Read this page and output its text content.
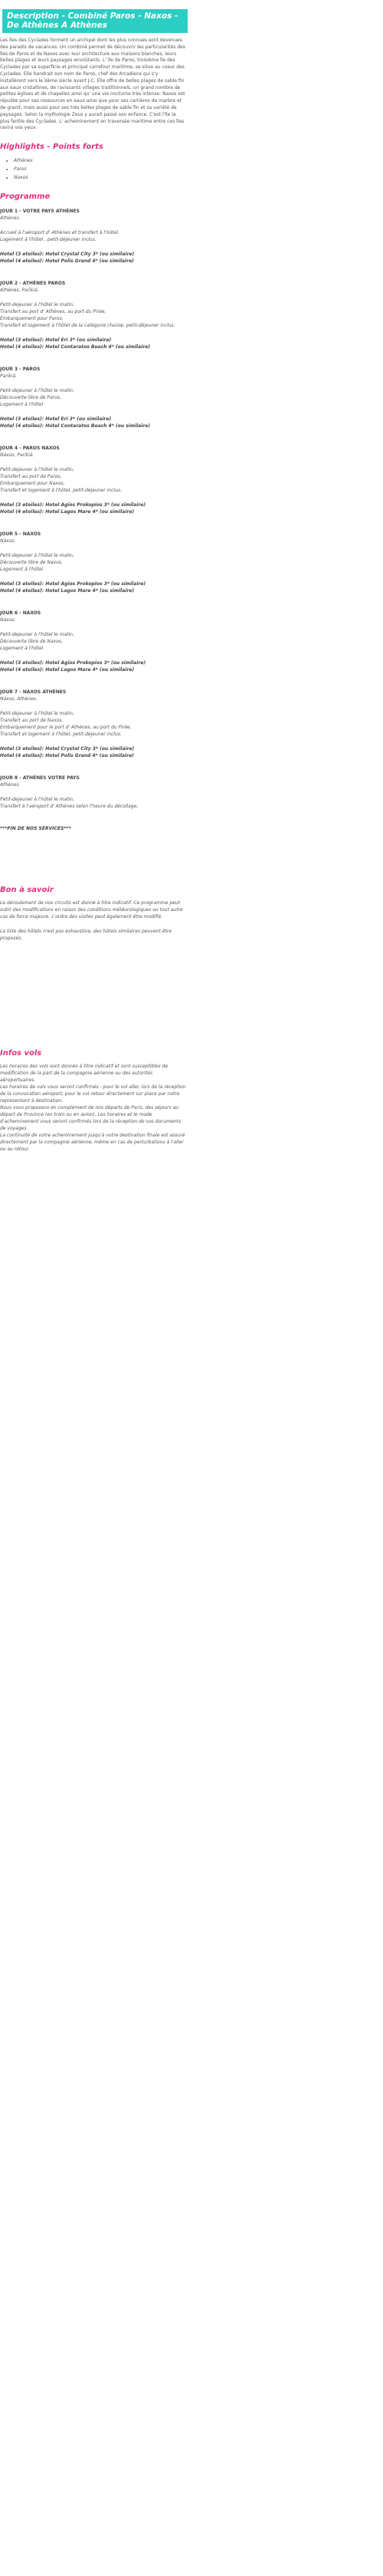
Description - Combiné Paros - Naxos - De Athènes A Athènes
Les îles des Cyclades forment un archipel dont les plus connues sont devenues des paradis de vacances. Un combiné permet de découvrir les particularités des îles de Paros et de Naxos avec leur architecture aux maisons blanches, leurs belles plages et leurs paysages envoûtants. L' île de Paros, troisième île des Cyclades par sa superficie et principal carrefour maritime, se situe au coeur des Cyclades. Elle tiendrait son nom de Paros, chef des Arcadiens qui s'y installèrent vers le Xème siècle avant J-C. Elle offre de belles plages de sable fin aux eaux cristallines, de ravissants villages traditionnels, un grand nombre de petites églises et de chapelles ainsi qu' une vie nocturne très intense. Naxos est réputée pour ses ressources en eaux ainsi que pour ses carrières de marbre et de granit, mais aussi pour ses très belles plages de sable fin et sa variété de paysages. Selon la mythologie Zeus y aurait passé son enfance. C'est l'île la plus fertile des Cyclades. L' acheminement en traversée maritime entre ces îles ravira vos yeux.
Highlights - Points forts
• Athènes
• Paros
• Naxos
Programme
JOUR 1 - VOTRE PAYS ATHÈNES
Athènes.
Accueil à l'aéroport d' Athènes et transfert à l'hôtel,
Logement à l'hôtel , petit-déjeuner inclus.
Hotel (3 etoiles): Hotel Crystal City 3* (ou similaire)
Hotel (4 etoiles): Hotel Polis Grand 4* (ou similaire)
JOUR 2 - ATHÈNES PAROS
Athènes, Parikiá.
Petit-dejeuner à l'hôtel le matin,
Transfert au port d' Athènes, au port du Pirée,
Embarquement pour Paros,
Transfert et logement à l'hôtel de la catégorie choisie, petit-déjeuner inclus.
Hotel (3 etoiles): Hotel Eri 3* (ou similaire)
Hotel (4 etoiles): Hotel Contaratos Beach 4* (ou similaire)
JOUR 3 - PAROS
Parikiá.
Petit-dejeuner à l'hôtel le matin,
Découverte libre de Paros,
Logement à l'hôtel
Hotel (3 etoiles): Hotel Eri 3* (ou similaire)
Hotel (4 etoiles): Hotel Contaratos Beach 4* (ou similaire)
JOUR 4 - PAROS NAXOS
Náxos, Parikiá.
Petit-dejeuner à l'hôtel le matin,
Transfert au port de Paros,
Embarquement pour Naxos,
Transfert et logement à l'hôtel, petit-déjeuner inclus.
Hotel (3 etoiles): Hotel Agios Prokopios 3* (ou similaire)
Hotel (4 etoiles): Hotel Lagos Mare 4* (ou similaire)
JOUR 5 - NAXOS
Náxos.
Petit-dejeuner à l'hôtel le matin,
Découverte libre de Naxos,
Logement à l'hôtel
Hotel (3 etoiles): Hotel Agios Prokopios 3* (ou similaire)
Hotel (4 etoiles): Hotel Lagos Mare 4* (ou similaire)
JOUR 6 - NAXOS
Náxos.
Petit-dejeuner à l'hôtel le matin,
Découverte libre de Naxos,
Logement à l'hôtel
Hotel (3 etoiles): Hotel Agios Prokopios 3* (ou similaire)
Hotel (4 etoiles): Hotel Lagos Mare 4* (ou similaire)
JOUR 7 - NAXOS ATHÈNES
Náxos, Athènes.
Petit-dejeuner à l'hôtel le matin,
Transfert au port de Naxos,
Embarquement pour le port d' Athènes, au port du Pirée,
Transfert et logement à l'hôtel, petit-déjeuner inclus.
Hotel (3 etoiles): Hotel Crystal City 3* (ou similaire)
Hotel (4 etoiles): Hotel Polis Grand 4* (ou similaire)
JOUR 8 - ATHÈNES VOTRE PAYS
Athènes.
Petit-dejeuner à l'hôtel le matin,
Transfert à l'aéroport d' Athènes selon l'heure du décollage,
***FIN DE NOS SERVICES***
Bon à savoir
Le déroulement de nos circuits est donné à titre indicatif. Ce programme peut subir des modifications en raison des conditions météorologiques ou tout autre cas de force majeure. L'ordre des visites peut également être modifié.
La liste des hôtels n'est pas exhaustive, des hôtels similaires peuvent être proposés.
Infos vols
Les horaires des vols sont donnés à titre indicatif et sont susceptibles de modification de la part de la compagnie aérienne ou des autorités aéroportuaires.
Les horaires de vols vous seront confirmés : pour le vol aller, lors de la réception de la convocation aéroport, pour le vol retour directement sur place par notre représentant à destination.
Nous vous proposons en complément de nos départs de Paris, des séjours au départ de Province (en train ou en avion). Les horaires et le mode d'acheminement vous seront confirmés lors de la réception de vos documents de voyages.
La continuité de votre acheminement jusqu'à votre destination finale est assuré directement par la compagnie aérienne, même en cas de perturbations à l'aller ou au retour.
